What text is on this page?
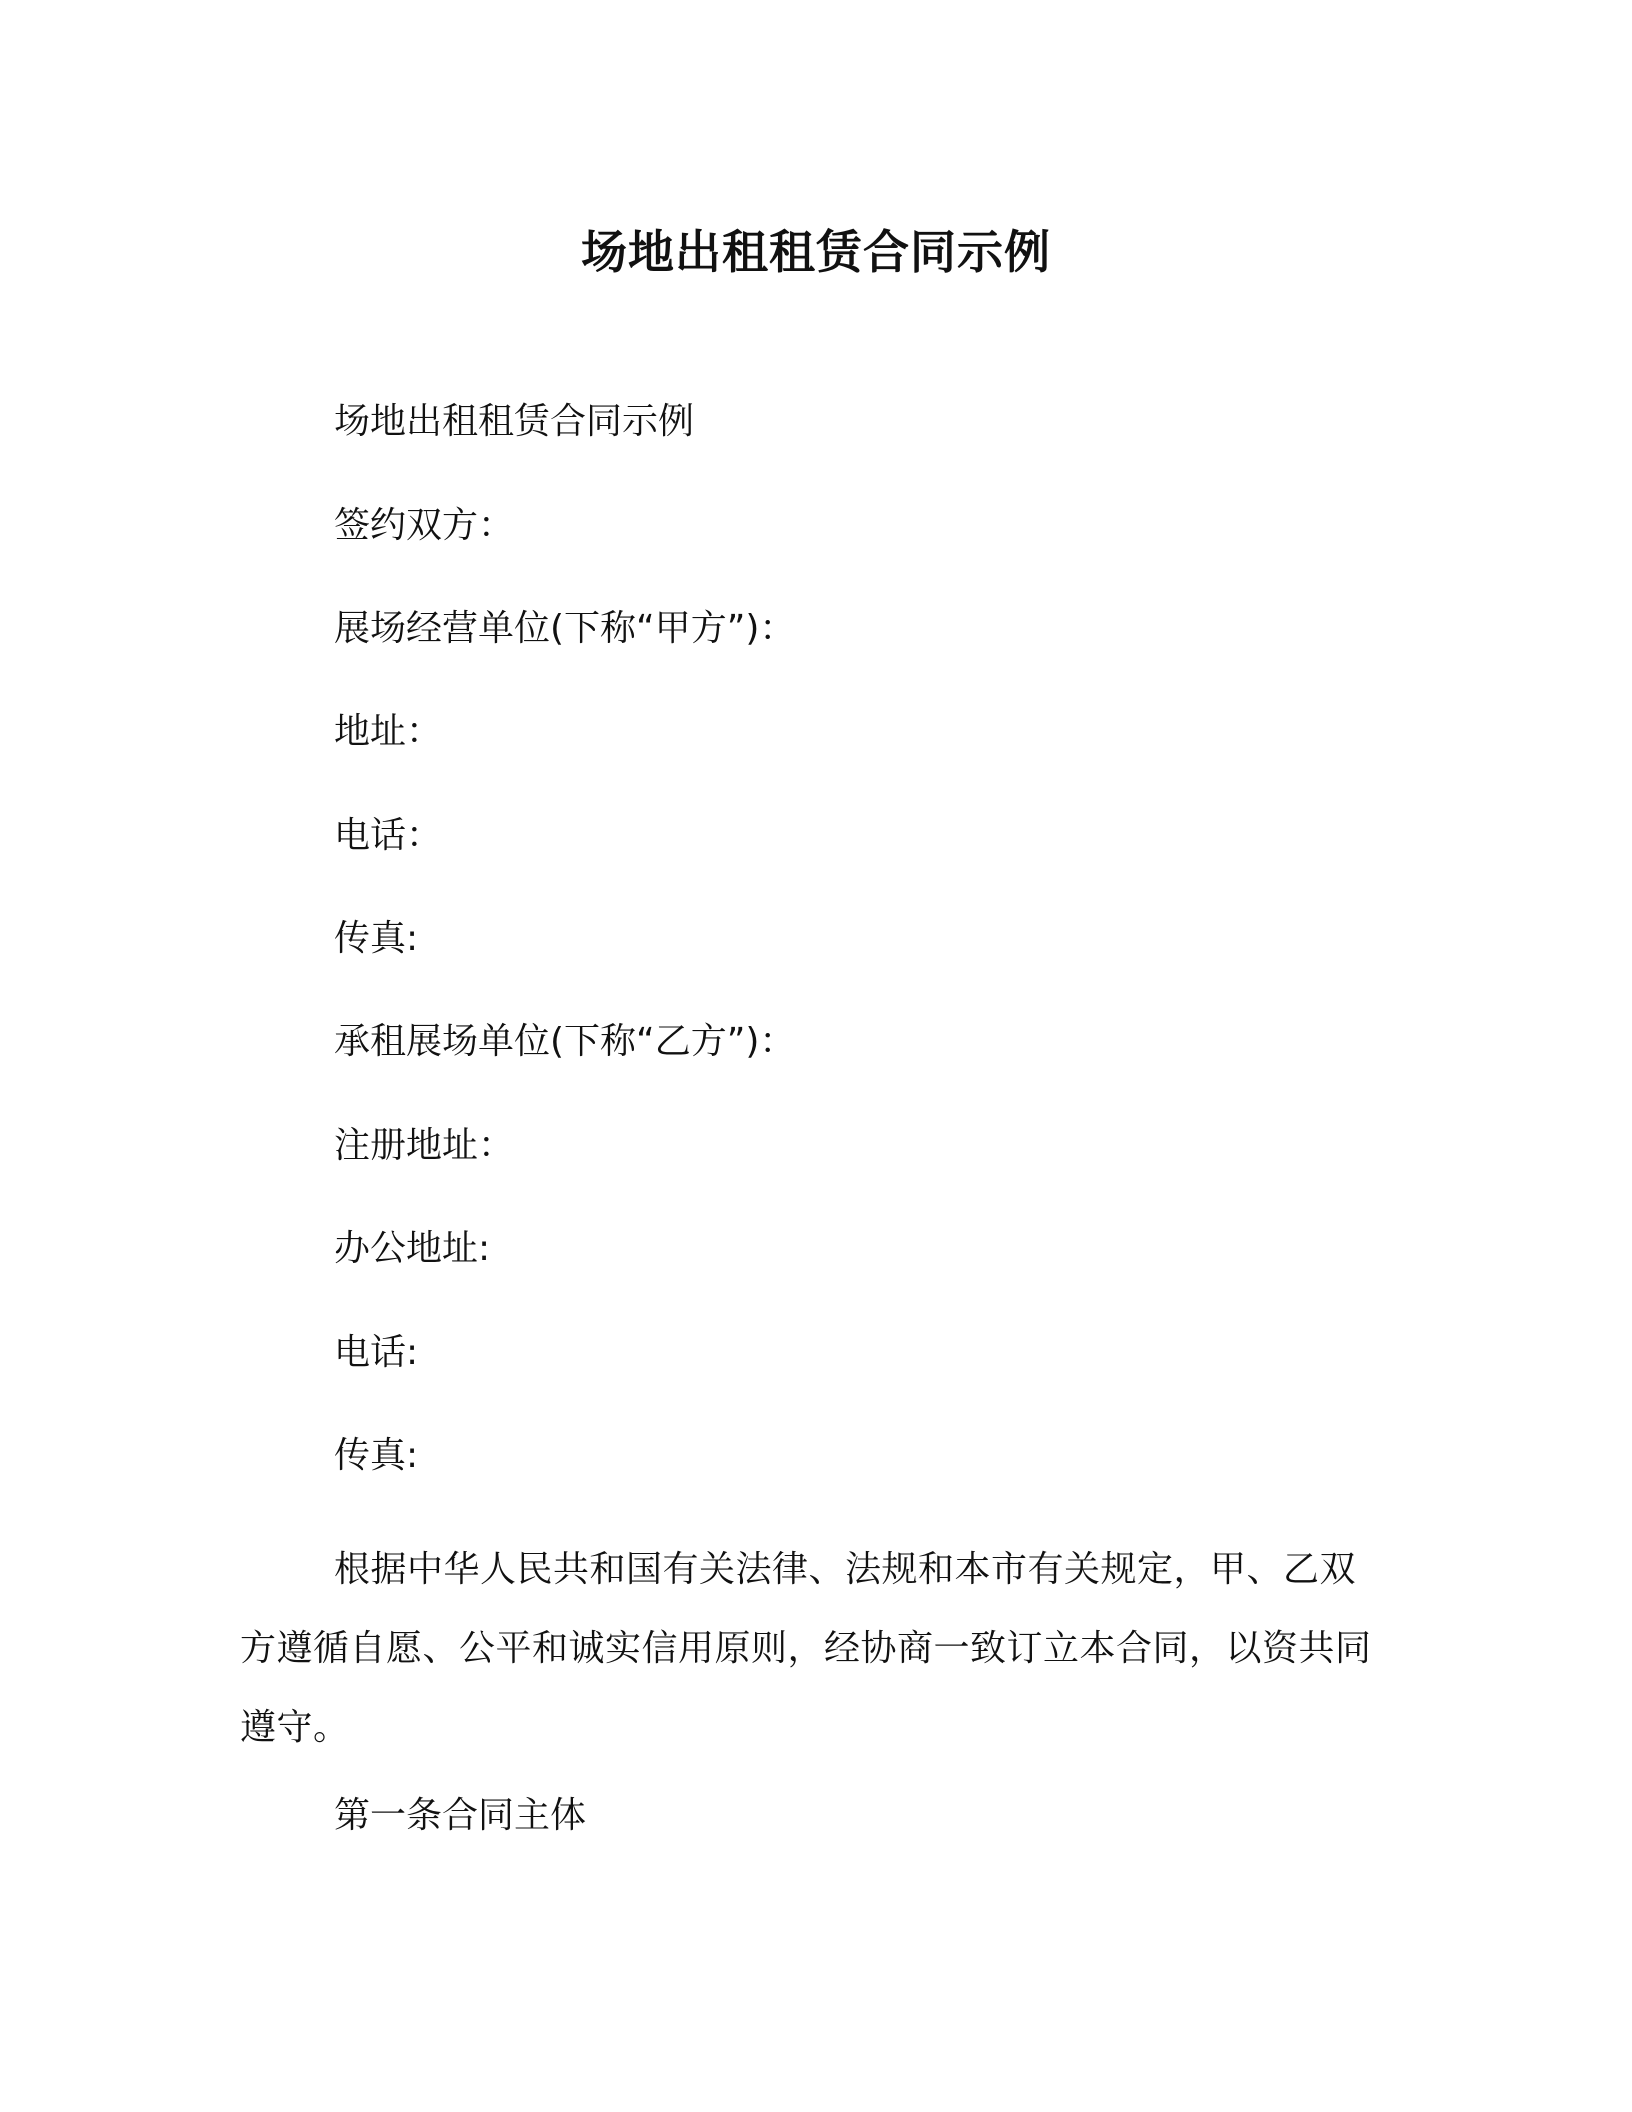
场地出租租赁合同示例
场地出租租赁合同示例
签约双方：
展场经营单位(下称“甲方”)：
地址：
电话：
传真:
承租展场单位(下称“乙方”)：
注册地址：
办公地址:
电话:
传真:
根据中华人民共和国有关法律、法规和本市有关规定，甲、乙双方遵循自愿、公平和诚实信用原则，经协商一致订立本合同，以资共同遵守。
第一条合同主体
